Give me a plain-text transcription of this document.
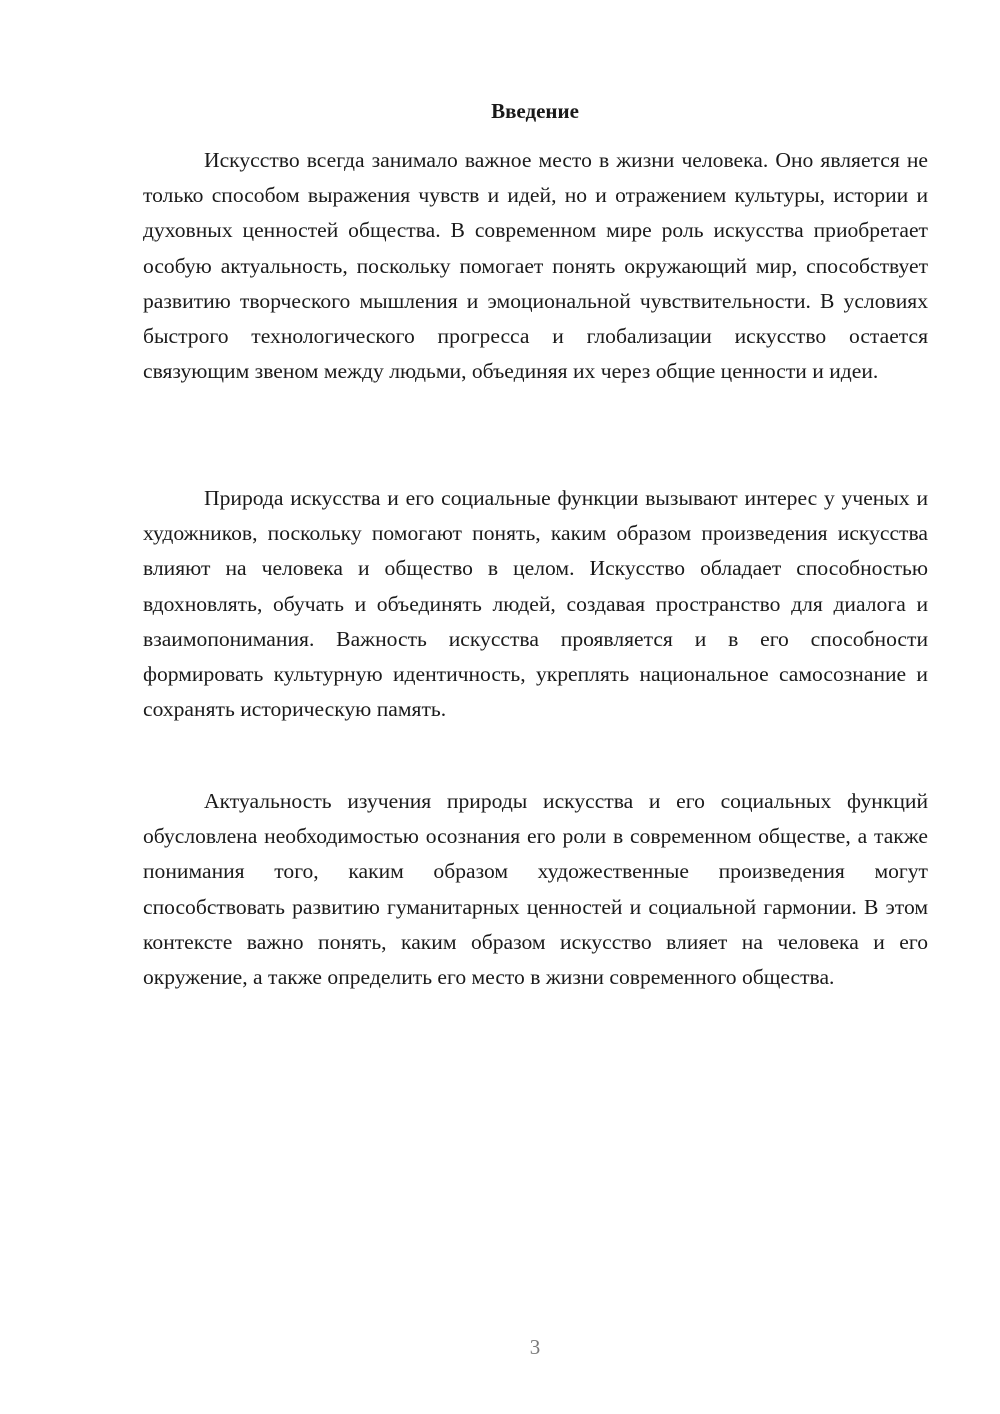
Введение

Искусство всегда занимало важное место в жизни человека. Оно является не только способом выражения чувств и идей, но и отражением культуры, истории и духовных ценностей общества. В современном мире роль искусства приобретает особую актуальность, поскольку помогает понять окружающий мир, способствует развитию творческого мышления и эмоциональной чувствительности. В условиях быстрого технологического прогресса и глобализации искусство остается связующим звеном между людьми, объединяя их через общие ценности и идеи.

Природа искусства и его социальные функции вызывают интерес у ученых и художников, поскольку помогают понять, каким образом произведения искусства влияют на человека и общество в целом. Искусство обладает способностью вдохновлять, обучать и объединять людей, создавая пространство для диалога и взаимопонимания. Важность искусства проявляется и в его способности формировать культурную идентичность, укреплять национальное самосознание и сохранять историческую память.

Актуальность изучения природы искусства и его социальных функций обусловлена необходимостью осознания его роли в современном обществе, а также понимания того, каким образом художественные произведения могут способствовать развитию гуманитарных ценностей и социальной гармонии. В этом контексте важно понять, каким образом искусство влияет на человека и его окружение, а также определить его место в жизни современного общества.

3
